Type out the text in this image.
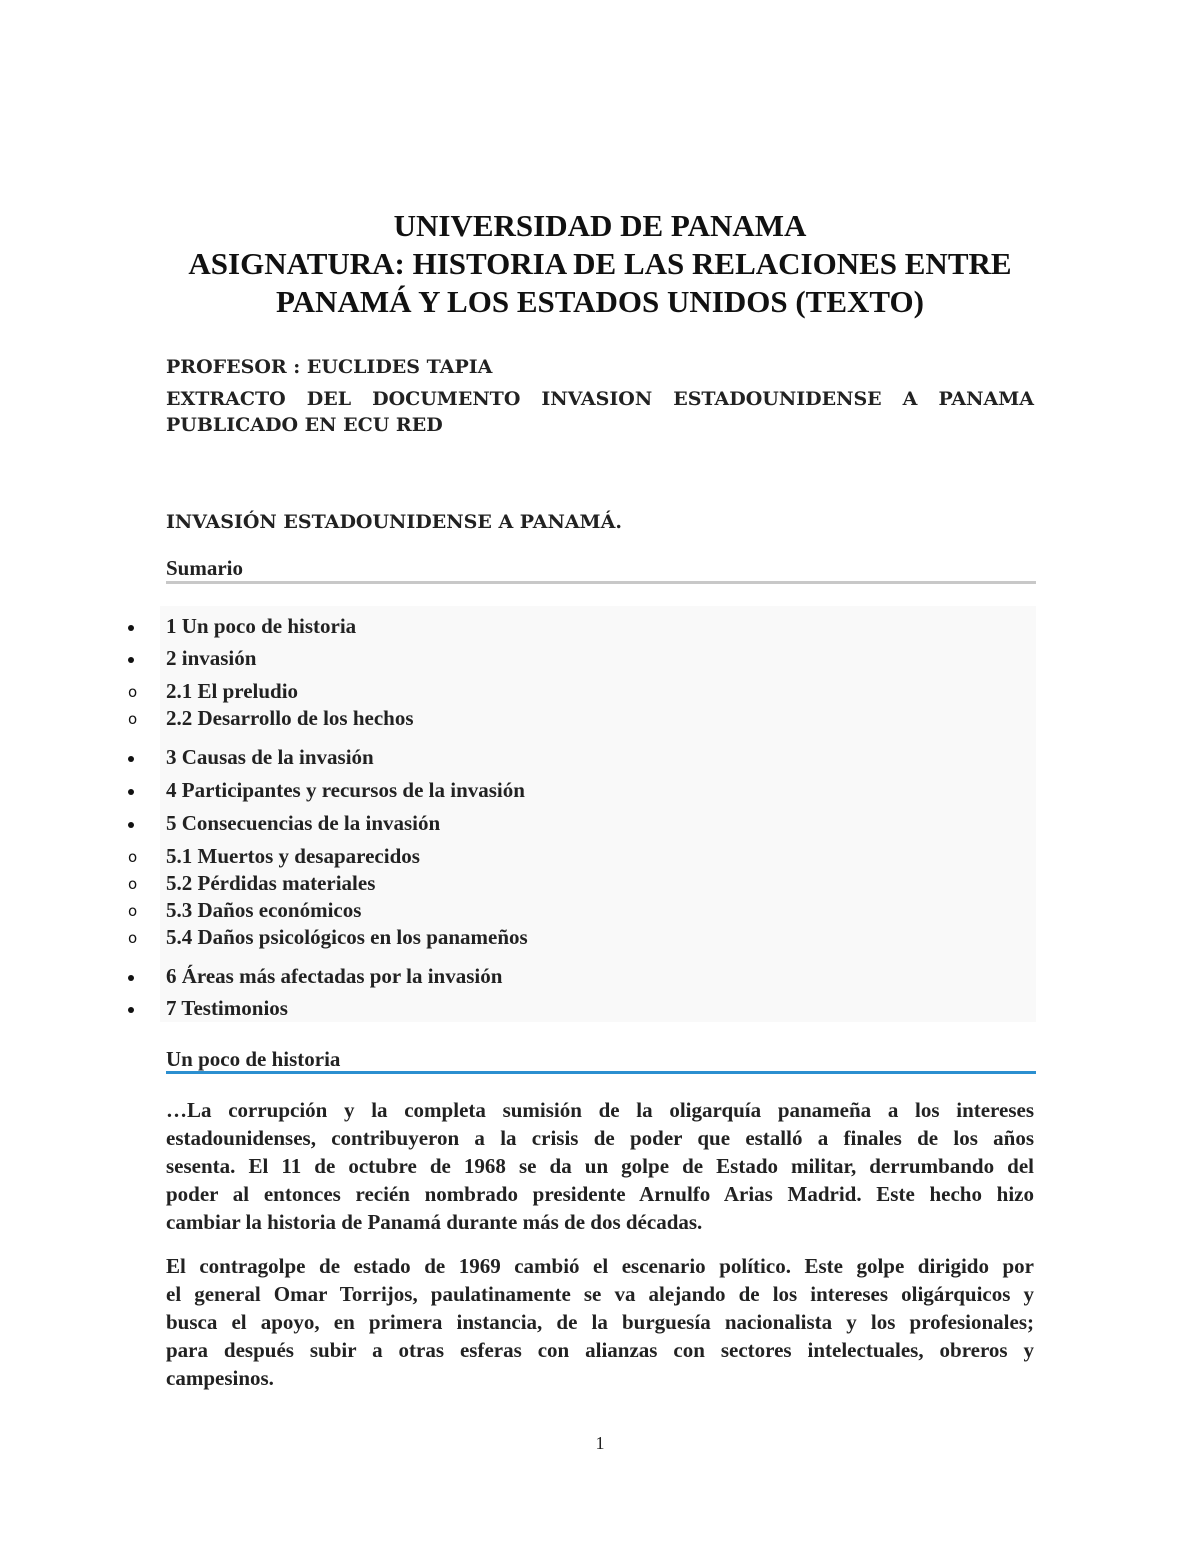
UNIVERSIDAD DE PANAMA
ASIGNATURA: HISTORIA DE LAS RELACIONES ENTRE
PANAMÁ Y LOS ESTADOS UNIDOS (TEXTO)
PROFESOR : EUCLIDES TAPIA
EXTRACTO DEL DOCUMENTO INVASION ESTADOUNIDENSE A PANAMA
PUBLICADO EN ECU RED
INVASIÓN ESTADOUNIDENSE A PANAMÁ.
Sumario
1 Un poco de historia
2 invasión
o 2.1 El preludio
o 2.2 Desarrollo de los hechos
3 Causas de la invasión
4 Participantes y recursos de la invasión
5 Consecuencias de la invasión
o 5.1 Muertos y desaparecidos
o 5.2 Pérdidas materiales
o 5.3 Daños económicos
o 5.4 Daños psicológicos en los panameños
6 Áreas más afectadas por la invasión
7 Testimonios
Un poco de historia
…La corrupción y la completa sumisión de la oligarquía panameña a los intereses
estadounidenses, contribuyeron a la crisis de poder que estalló a finales de los años
sesenta. El 11 de octubre de 1968 se da un golpe de Estado militar, derrumbando del
poder al entonces recién nombrado presidente Arnulfo Arias Madrid. Este hecho hizo
cambiar la historia de Panamá durante más de dos décadas.
El contragolpe de estado de 1969 cambió el escenario político. Este golpe dirigido por
el general Omar Torrijos, paulatinamente se va alejando de los intereses oligárquicos y
busca el apoyo, en primera instancia, de la burguesía nacionalista y los profesionales;
para después subir a otras esferas con alianzas con sectores intelectuales, obreros y
campesinos.
1
